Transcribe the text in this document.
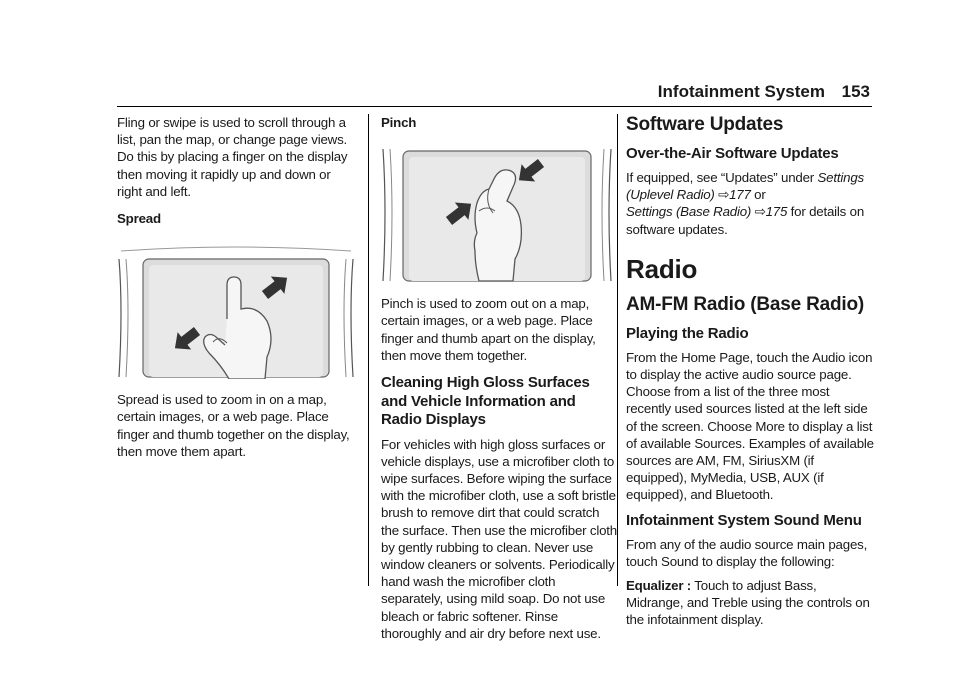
Infotainment System 153

Fling or swipe is used to scroll through a list, pan the map, or change page views. Do this by placing a finger on the display then moving it rapidly up and down or right and left.

Spread

Spread is used to zoom in on a map, certain images, or a web page. Place finger and thumb together on the display, then move them apart.

Pinch

Pinch is used to zoom out on a map, certain images, or a web page. Place finger and thumb apart on the display, then move them together.

Cleaning High Gloss Surfaces and Vehicle Information and Radio Displays

For vehicles with high gloss surfaces or vehicle displays, use a microfiber cloth to wipe surfaces. Before wiping the surface with the microfiber cloth, use a soft bristle brush to remove dirt that could scratch the surface. Then use the microfiber cloth by gently rubbing to clean. Never use window cleaners or solvents. Periodically hand wash the microfiber cloth separately, using mild soap. Do not use bleach or fabric softener. Rinse thoroughly and air dry before next use.

Software Updates
Over-the-Air Software Updates

If equipped, see “Updates” under Settings (Uplevel Radio) ⇨177 or
Settings (Base Radio) ⇨175 for details on software updates.

Radio
AM-FM Radio (Base Radio)
Playing the Radio

From the Home Page, touch the Audio icon to display the active audio source page. Choose from a list of the three most recently used sources listed at the left side of the screen. Choose More to display a list of available Sources. Examples of available sources are AM, FM, SiriusXM (if equipped), MyMedia, USB, AUX (if equipped), and Bluetooth.

Infotainment System Sound Menu

From any of the audio source main pages, touch Sound to display the following:

Equalizer : Touch to adjust Bass, Midrange, and Treble using the controls on the infotainment display.
